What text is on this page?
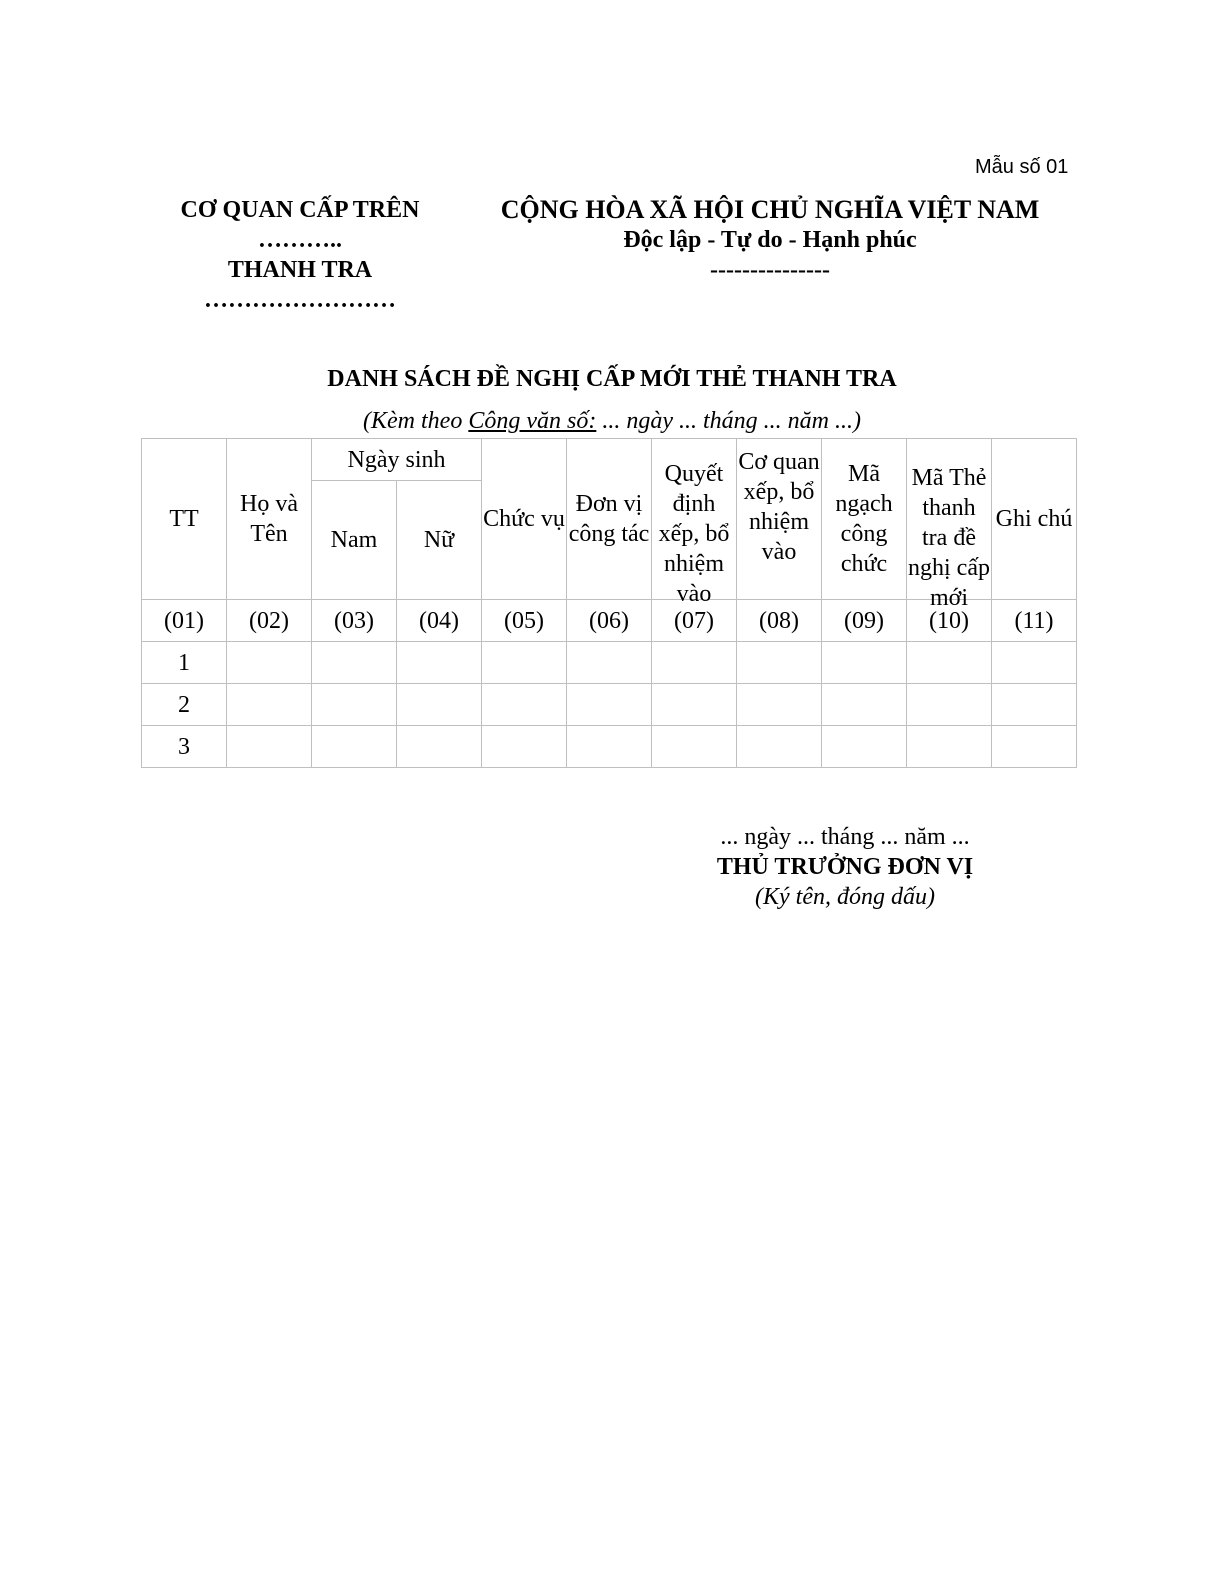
Mẫu số 01
CƠ QUAN CẤP TRÊN
………..
THANH TRA
……………………
CỘNG HÒA XÃ HỘI CHỦ NGHĨA VIỆT NAM
Độc lập - Tự do - Hạnh phúc
---------------
DANH SÁCH ĐỀ NGHỊ CẤP MỚI THẺ THANH TRA
(Kèm theo Công văn số: ... ngày ... tháng ... năm ...)
TT	Họ và Tên	Ngày sinh		Chức vụ	Đơn vị công tác	Quyết định xếp, bổ nhiệm vào	Cơ quan xếp, bổ nhiệm vào	Mã ngạch công chức	Mã Thẻ thanh tra đề nghị cấp mới	Ghi chú
		Nam	Nữ							
(01)	(02)	(03)	(04)	(05)	(06)	(07)	(08)	(09)	(10)	(11)
1										
2										
3										
... ngày ... tháng ... năm ...
THỦ TRƯỞNG ĐƠN VỊ
(Ký tên, đóng dấu)
